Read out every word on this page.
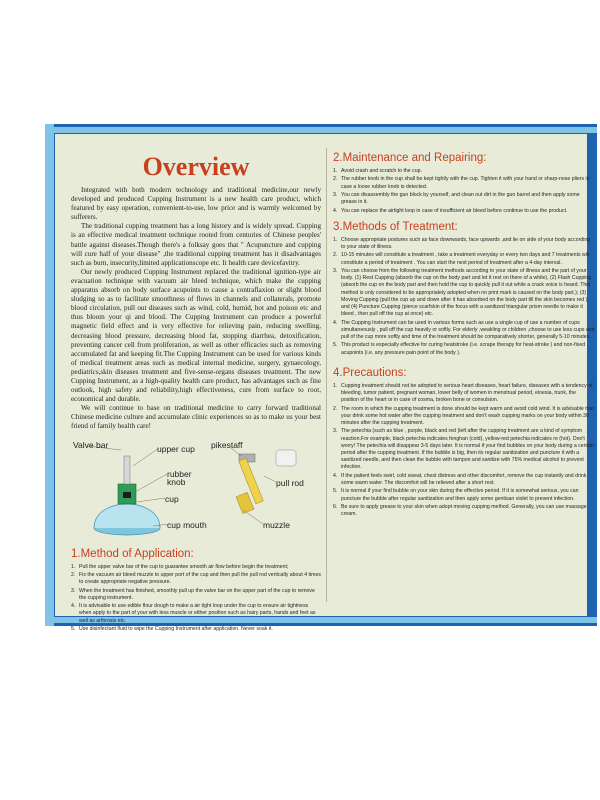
Overview

Integrated with both modern technology and traditional medicine,our newly developed and produced Cupping Instrument is a new health care product, which featured by easy operation, convenient-to-use, low price and is warmly welcomed by sufferers.

The traditional cupping treatment has a long history and is widely spread. Cupping is an effective medical treatment technique rooted from centuries of Chinese peoples' battle against diseases.Though there's a folksay goes that " Acupuncture and cupping will cure half of your disease" ,the traditional cupping treatment has it disadvantages such as burn, insecurity,limited applicationscope etc. It health care devicefavitry.

Our newly produced Cupping Instrument replaced the traditional ignition-type air evacuation technique with vacuum air bleed technique, which make the cupping apparatus absorb on body surface acupoints to cause a contraflaxion or slight blood sludging so as to facilitate smoothness of flows in channels and collaterals, promote blood circulation, pull out diseases such as wind, cold, humid, hot and poison etc and thus bloom your qi and blood. The Cupping Instrument can produce a powerful magnetic field effect and is very effective for relieving pain, reducing swelling, decreasing blood pressure, decreasing blood fat, stopping diarrhea, detoxification, preventing cancer cell from proliferation, as well as other efficacies such as removing accumulated fat and keeping fit.The Cupping Instrument can be used for various kinds of medical treatment areas such as medical internal medicine, surgery, gynaecology, pediatrics,skin diseases treatment and five-sense-organs diseases treatment. The new Cupping Instrument, as a high-quality health care product, has advantages such as fine outlook, high safety and reliability,high effectiveness, cure from surface to root, economical and durable.

We will continue to base on traditional medicine to carry forward traditional Chinese medicine culture and accumulate clinic experiences so as to make us your best friend of family health care!

Valve bar	upper cup
rubber
knob
cup
cup mouth
pikestaff
pull rod
muzzle
1.Method of Application:
1. Pull the upper valve bar of the cup to guarantee smooth air flow before begin the treatment;
2. Fix the vacuum air bleed muzzle to upper port of the cup and then pull the pull rod vertically about 4 times to create appropriate negative pressure.
3. When the treatment has finished, smoothly pull up the valve bar on the upper part of the cup to remove the cupping instrument.
4. It is advisable to use edible flour dough to make a air tight loop under the cup to ensure air tightness when apply to the part of your with less muscle or either position such as hairy parts, hands and feet as well as arthrosis etc.
5. Use disinfectant fluid to wipe the Cupping Instrument after application. Never soak it.
2.Maintenance and Repairing:
1. Avoid crash and scratch to the cup.
2. The rubber knob in the cup shall be kept tightly with the cup. Tighten it with your hand or sharp-nose pliers in case a loose rubber knob is detected.
3. You can disassembly the gun block by yourself, and clean out dirt in the gun barrel and then apply some grease in it.
4. You can replace the airtight loop in case of insufficient air bleed before continue to use the product.
3.Methods of Treatment:
1. Choose appropriate postures such as face downwards, face upwards ,and lie on side of your body according to your state of illness.
2. 10-15 minutes will constitute a treatment , take a treatment everyday or every two days and 7 treatments will constitute a period of treatment . You can start the next period of treatment after a 4-day interval.
3. You can choose from the following treatment methods according to your state of illness and the part of your body. (1) Rest Cupping (absorb the cup on the body part and let it rest on there of a while), (2) Flash Cupping (absorb the cup on the body part and then hold the cup to quickly pull it out while a crack voice is heard. This method is only considered to be appropriately adopted when no print mark is caused on the body part.); (3) Moving Cupping (pull the cup up and down after it has absorbed on the body part till the skin becomes red ), and (4) Puncture Cupping (pierce scarfskin of the focus with a sanitized triangular prism needle to make it bleed , then pull off the cup at once) etc.
4. The Cupping Instrument can be used in various forms such as use a single cup of use a number of cups simultaneously , pull off the cup heavily or softly. For elderly ,weakling or children ,choose to use less cups and pull of the cup more softly and time of the treatment should be comparatively shorter, generally 5-10 minutes.
5. This product is especially effective for curing heatstroke (i.e. scrape therapy for heat-stroke ) and non-fixed acupoints (i.e. any pressure pain point of the body ).
4.Precautions:
1. Cupping treatment should not be adopted to serious heart diseases, heart failure, diseases with a tendency of bleeding, tumor patient, pregnant woman, lower belly of women in menstrual period, eloesia, trunk, the position of the heart or in case of cosma, broken bone or convulsion.
2. The room in which the cupping treatment is done should be kept warm and avoid cold wind. It is advisable that your drink some hot water after the cupping treatment and don't wash cupping marks on your body within 30 minutes after the cupping treatment.
3. The petechia (such as blue , purple, black and red )left after the cupping treatment are a kind of symptom reaction.For example, black petechia indicates fenghan (cold), yellow-red petechia indicates re (hot). Don't worry! The petechia will disappear 3-5 days later. It is normal if your find bubbles on your body during a certain period after the cupping treatment. If the bubble is big, then its regular sanitization and puncture it with a sanitized needle, and then clean the bubble with tampon and sanitize with 75% medical alcohol to prevent infection.
4. If the patient feels swirl, cold sweat, chest distress and other discomfort, remove the cup instantly and drink some warm water. The discomfort will be relieved after a short rest.
5. It is normal if your find bubble on your skin during the effective period. If it is somewhat serious, you can puncture the bubble after regular sanitization and then apply some gentisan violet to prevent infection.
6. Be sure to apply grease to your skin when adopt moving cupping method. Generally, you can use massage cream.
